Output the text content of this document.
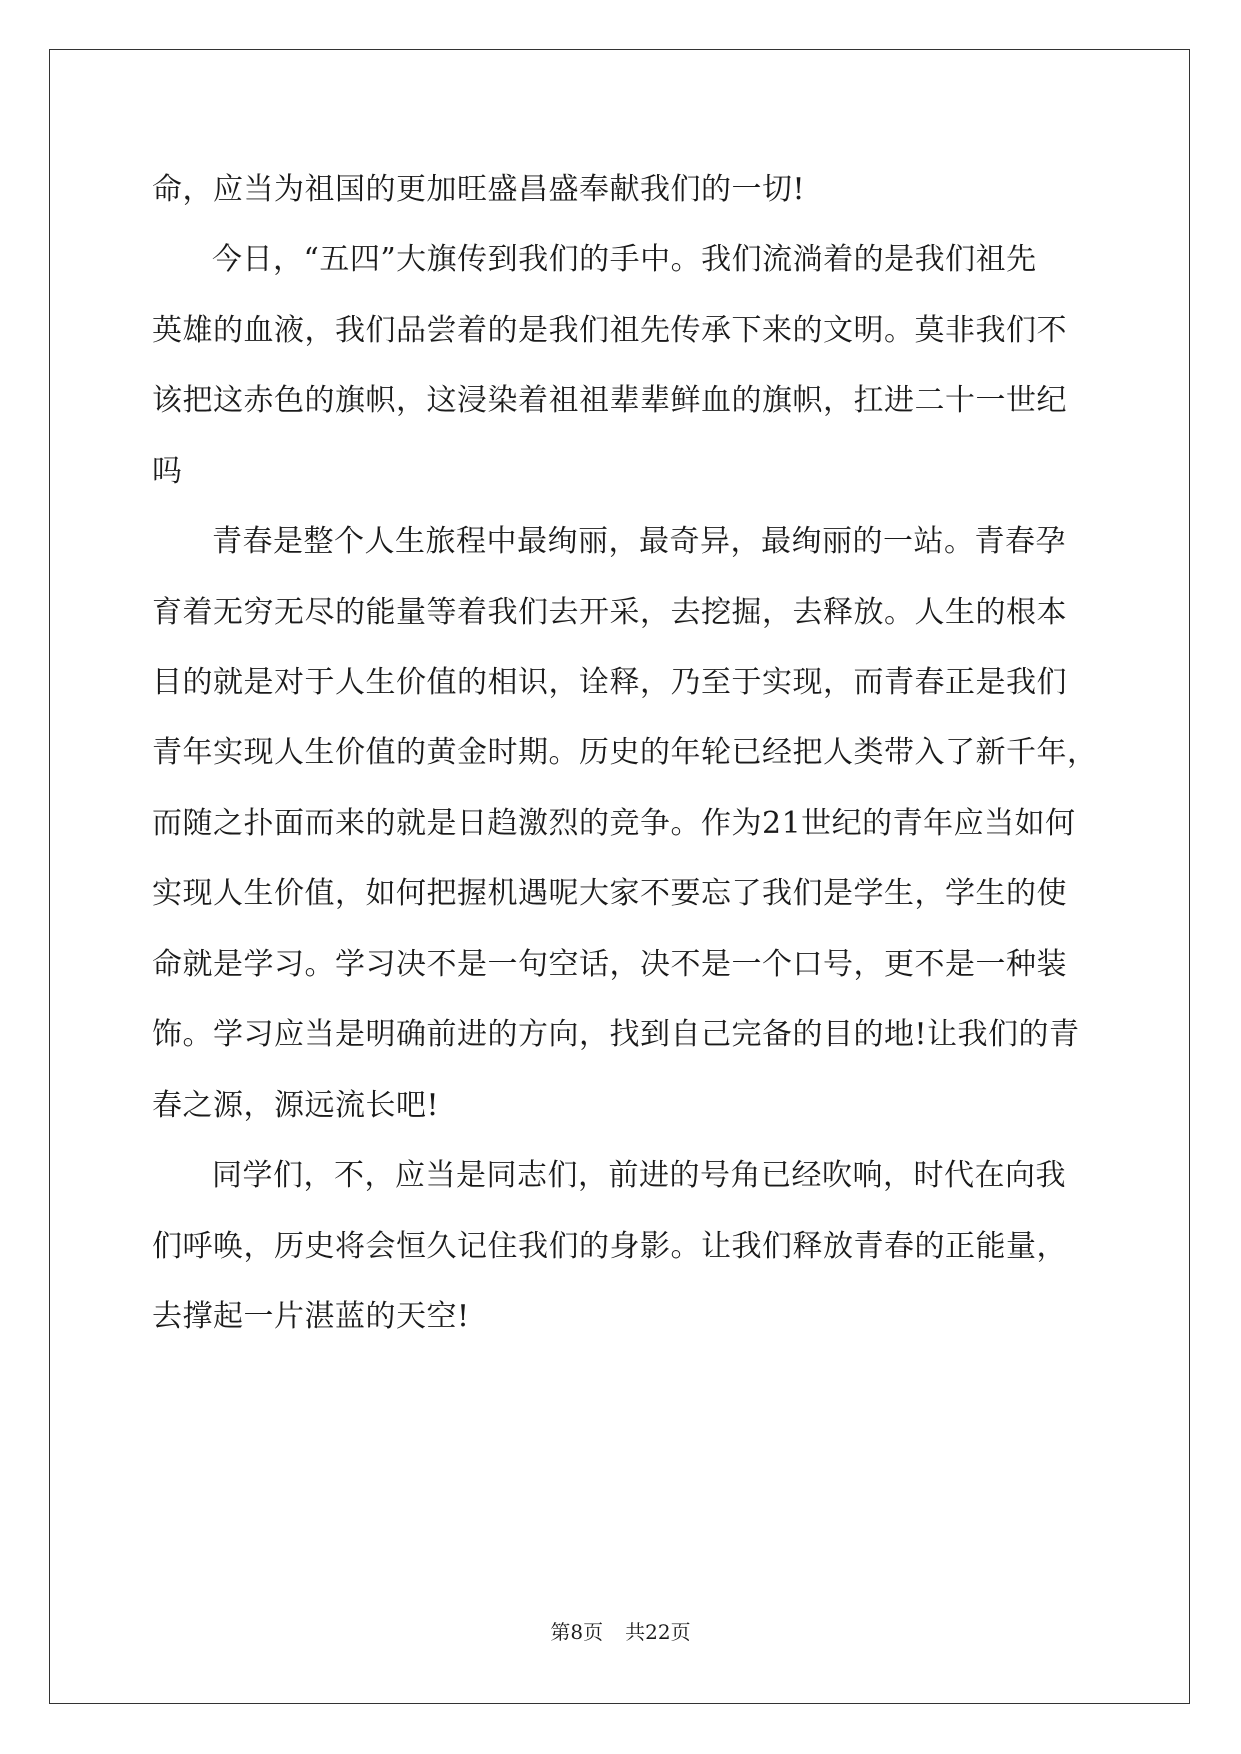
命，应当为祖国的更加旺盛昌盛奉献我们的一切!
今日，“五四”大旗传到我们的手中。我们流淌着的是我们祖先
英雄的血液，我们品尝着的是我们祖先传承下来的文明。莫非我们不
该把这赤色的旗帜，这浸染着祖祖辈辈鲜血的旗帜，扛进二十一世纪
吗
青春是整个人生旅程中最绚丽，最奇异，最绚丽的一站。青春孕
育着无穷无尽的能量等着我们去开采，去挖掘，去释放。人生的根本
目的就是对于人生价值的相识，诠释，乃至于实现，而青春正是我们
青年实现人生价值的黄金时期。历史的年轮已经把人类带入了新千年，
而随之扑面而来的就是日趋激烈的竞争。作为21世纪的青年应当如何
实现人生价值，如何把握机遇呢大家不要忘了我们是学生，学生的使
命就是学习。学习决不是一句空话，决不是一个口号，更不是一种装
饰。学习应当是明确前进的方向，找到自己完备的目的地!让我们的青
春之源，源远流长吧!
同学们，不，应当是同志们，前进的号角已经吹响，时代在向我
们呼唤，历史将会恒久记住我们的身影。让我们释放青春的正能量，
去撑起一片湛蓝的天空!
第8页 共22页
